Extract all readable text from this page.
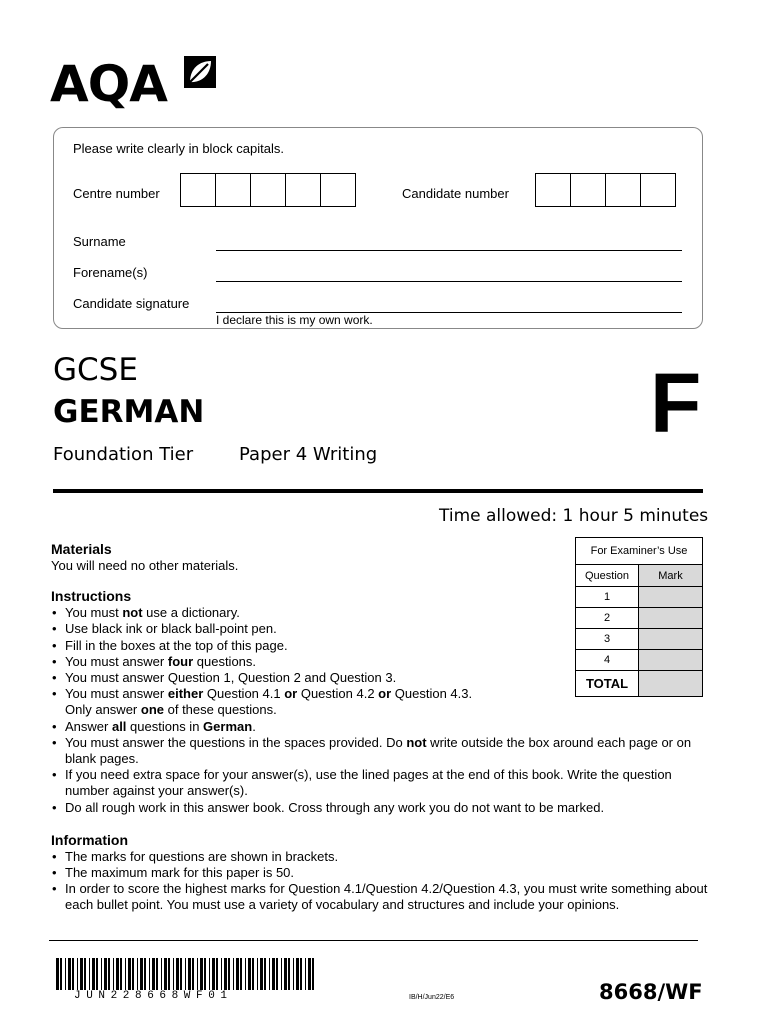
AQA
Please write clearly in block capitals.
Centre number	Candidate number
Surname
Forename(s)
Candidate signature
I declare this is my own work.
GCSE
GERMAN
Foundation Tier	Paper 4 Writing
F
Time allowed: 1 hour 5 minutes
For Examiner’s Use	
Question	Mark
1	
2	
3	
4	
TOTAL	
Materials
You will need no other materials.
Instructions
• You must not use a dictionary.
• Use black ink or black ball-point pen.
• Fill in the boxes at the top of this page.
• You must answer four questions.
• You must answer Question 1, Question 2 and Question 3.
• You must answer either Question 4.1 or Question 4.2 or Question 4.3.
Only answer one of these questions.
• Answer all questions in German.
• You must answer the questions in the spaces provided. Do not write outside the box around each page or on blank pages.
• If you need extra space for your answer(s), use the lined pages at the end of this book. Write the question number against your answer(s).
• Do all rough work in this answer book. Cross through any work you do not want to be marked.
Information
• The marks for questions are shown in brackets.
• The maximum mark for this paper is 50.
• In order to score the highest marks for Question 4.1/Question 4.2/Question 4.3, you must write something about each bullet point. You must use a variety of vocabulary and structures and include your opinions.
JUN228668WF01	IB/H/Jun22/E6	8668/WF
